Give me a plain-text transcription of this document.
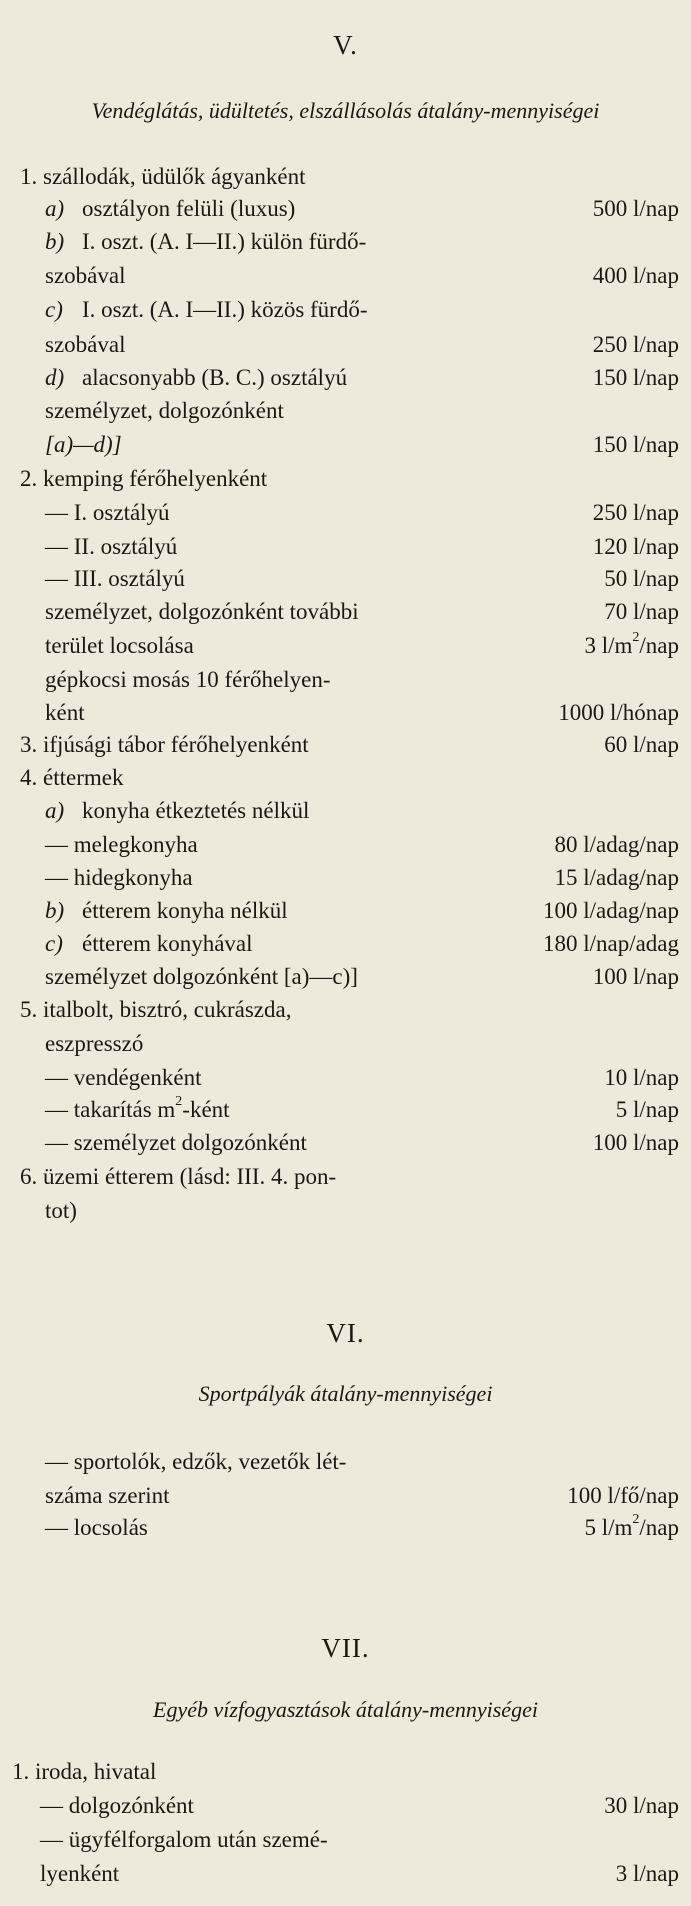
V.
Vendéglátás, üdültetés, elszállásolás átalány-mennyiségei
1. szállodák, üdülők ágyanként
a) osztályon felüli (luxus)	500 l/nap
b) I. oszt. (A. I—II.) külön fürdő-
szobával	400 l/nap
c) I. oszt. (A. I—II.) közös fürdő-
szobával	250 l/nap
d) alacsonyabb (B. C.) osztályú	150 l/nap
személyzet, dolgozónként
[a)—d)]	150 l/nap
2. kemping férőhelyenként
— I. osztályú	250 l/nap
— II. osztályú	120 l/nap
— III. osztályú	50 l/nap
személyzet, dolgozónként további	70 l/nap
terület locsolása	3 $l/m^2$/nap
gépkocsi mosás 10 férőhelyen-
ként	1000 l/hónap
3. ifjúsági tábor férőhelyenként	60 l/nap
4. éttermek
a) konyha étkeztetés nélkül
— melegkonyha	80 l/adag/nap
— hidegkonyha	15 l/adag/nap
b) étterem konyha nélkül	100 l/adag/nap
c) étterem konyhával	180 l/nap/adag
személyzet dolgozónként [a)—c)]	100 l/nap
5. italbolt, bisztró, cukrászda,
eszpresszó
— vendégenként	10 l/nap
— takarítás $m^2$-ként	5 l/nap
— személyzet dolgozónként	100 l/nap
6. üzemi étterem (lásd: III. 4. pon-
tot)
VI.
Sportpályák átalány-mennyiségei
— sportolók, edzők, vezetők lét-
száma szerint	100 l/fő/nap
— locsolás	5 $l/m^2$/nap
VII.
Egyéb vízfogyasztások átalány-mennyiségei
1. iroda, hivatal
— dolgozónként	30 l/nap
— ügyfélforgalom után szemé-
lyenként	3 l/nap
